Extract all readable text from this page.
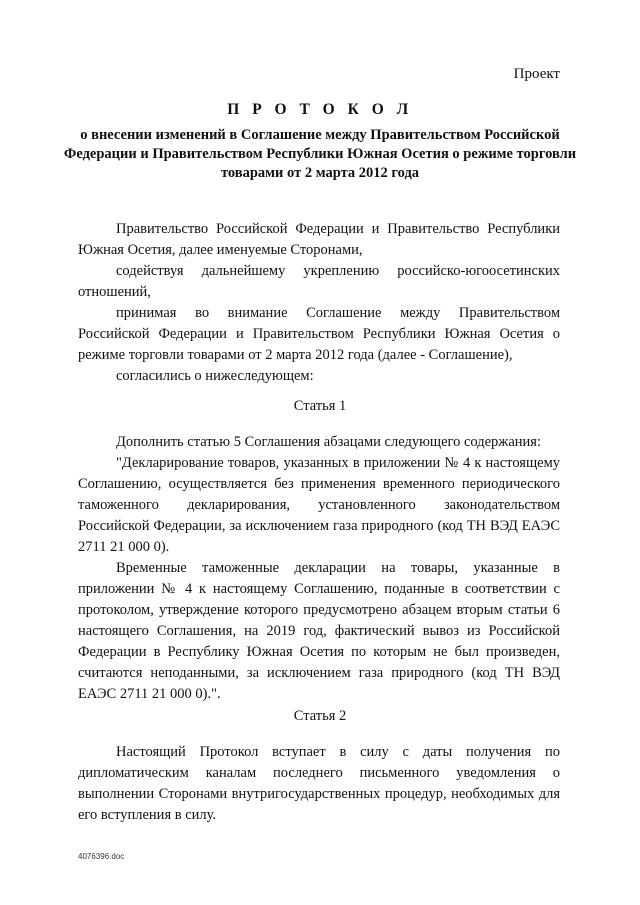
Проект
П Р О Т О К О Л
о внесении изменений в Соглашение между Правительством Российской Федерации и Правительством Республики Южная Осетия о режиме торговли товарами от 2 марта 2012 года

Правительство Российской Федерации и Правительство Республики Южная Осетия, далее именуемые Сторонами,

содействуя дальнейшему укреплению российско-югоосетинских отношений,

принимая во внимание Соглашение между Правительством Российской Федерации и Правительством Республики Южная Осетия о режиме торговли товарами от 2 марта 2012 года (далее - Соглашение),

согласились о нижеследующем:

Статья 1

Дополнить статью 5 Соглашения абзацами следующего содержания:

"Декларирование товаров, указанных в приложении № 4 к настоящему Соглашению, осуществляется без применения временного периодического таможенного декларирования, установленного законодательством Российской Федерации, за исключением газа природного (код ТН ВЭД ЕАЭС 2711 21 000 0).

Временные таможенные декларации на товары, указанные в приложении № 4 к настоящему Соглашению, поданные в соответствии с протоколом, утверждение которого предусмотрено абзацем вторым статьи 6 настоящего Соглашения, на 2019 год, фактический вывоз из Российской Федерации в Республику Южная Осетия по которым не был произведен, считаются неподанными, за исключением газа природного (код ТН ВЭД ЕАЭС 2711 21 000 0).".

Статья 2

Настоящий Протокол вступает в силу с даты получения по дипломатическим каналам последнего письменного уведомления о выполнении Сторонами внутригосударственных процедур, необходимых для его вступления в силу.

4076396.doc
